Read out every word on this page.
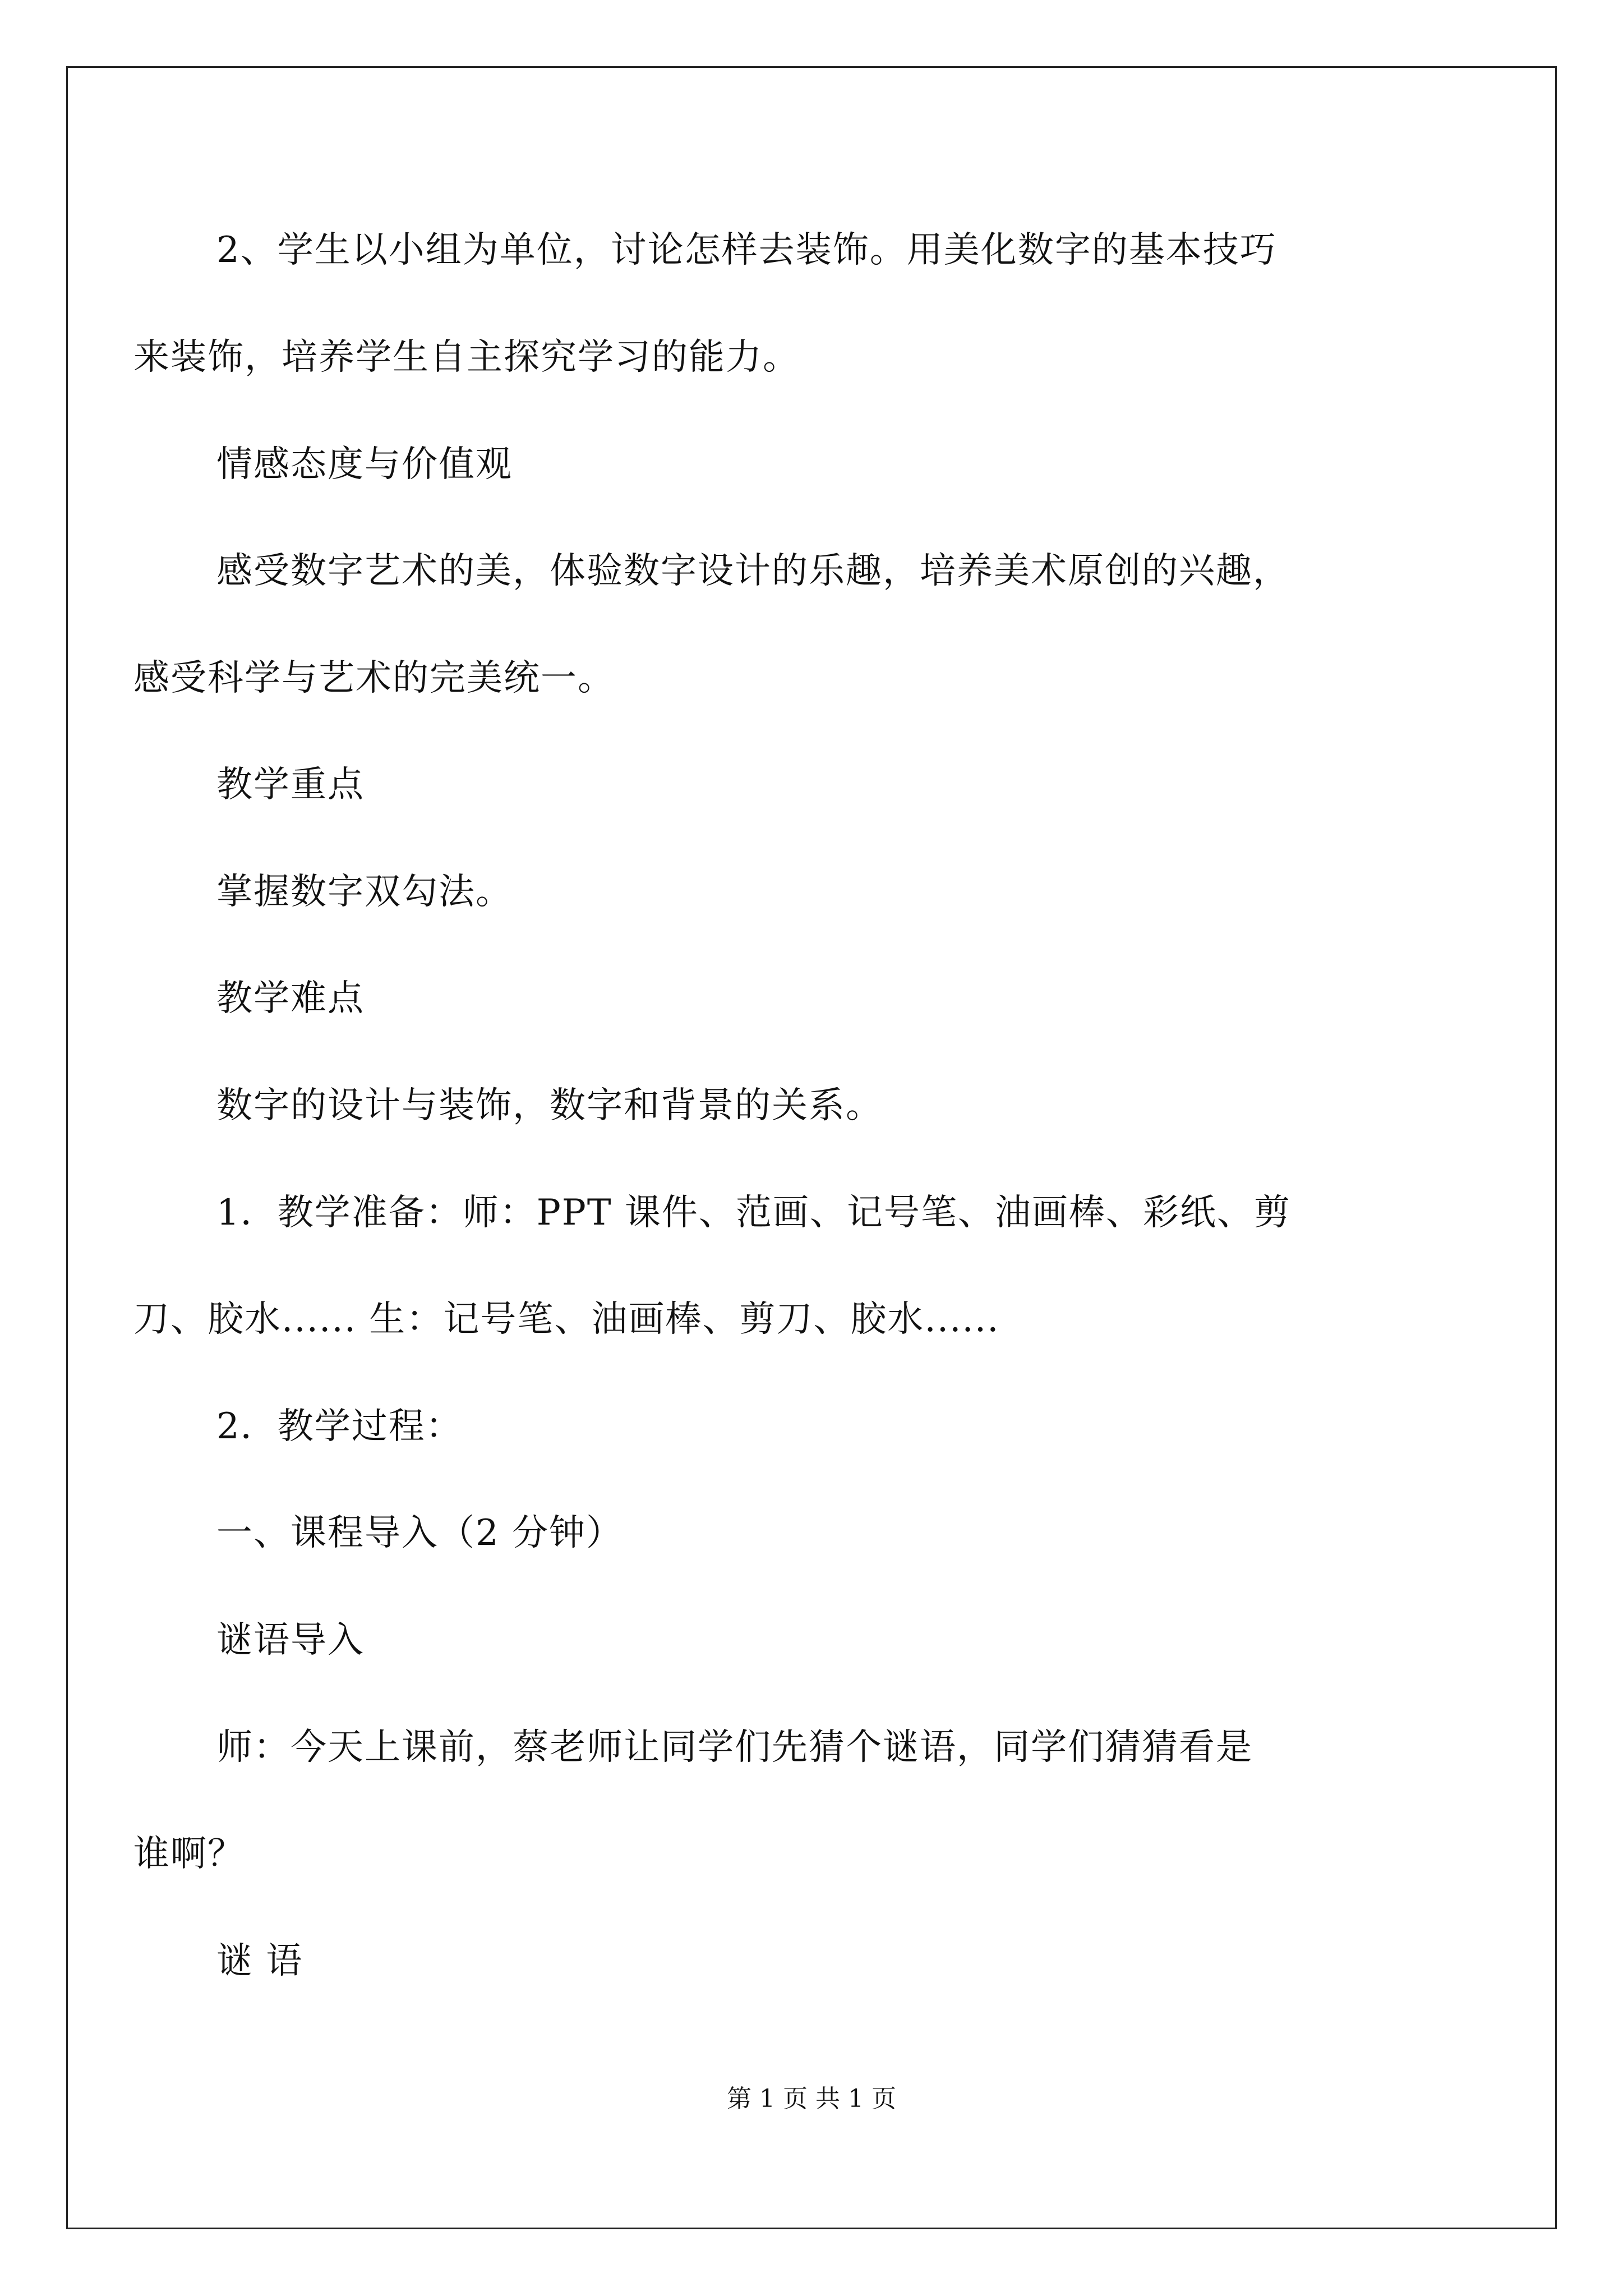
2、学生以小组为单位，讨论怎样去装饰。用美化数字的基本技巧
来装饰，培养学生自主探究学习的能力。
情感态度与价值观
感受数字艺术的美，体验数字设计的乐趣，培养美术原创的兴趣，
感受科学与艺术的完美统一。
教学重点
掌握数字双勾法。
教学难点
数字的设计与装饰，数字和背景的关系。
1．教学准备：师：PPT 课件、范画、记号笔、油画棒、彩纸、剪
刀、胶水...... 生：记号笔、油画棒、剪刀、胶水......
2．教学过程：
一、课程导入（2 分钟）
谜语导入
师：今天上课前，蔡老师让同学们先猜个谜语，同学们猜猜看是
谁啊？
谜 语
第 1 页 共 1 页
